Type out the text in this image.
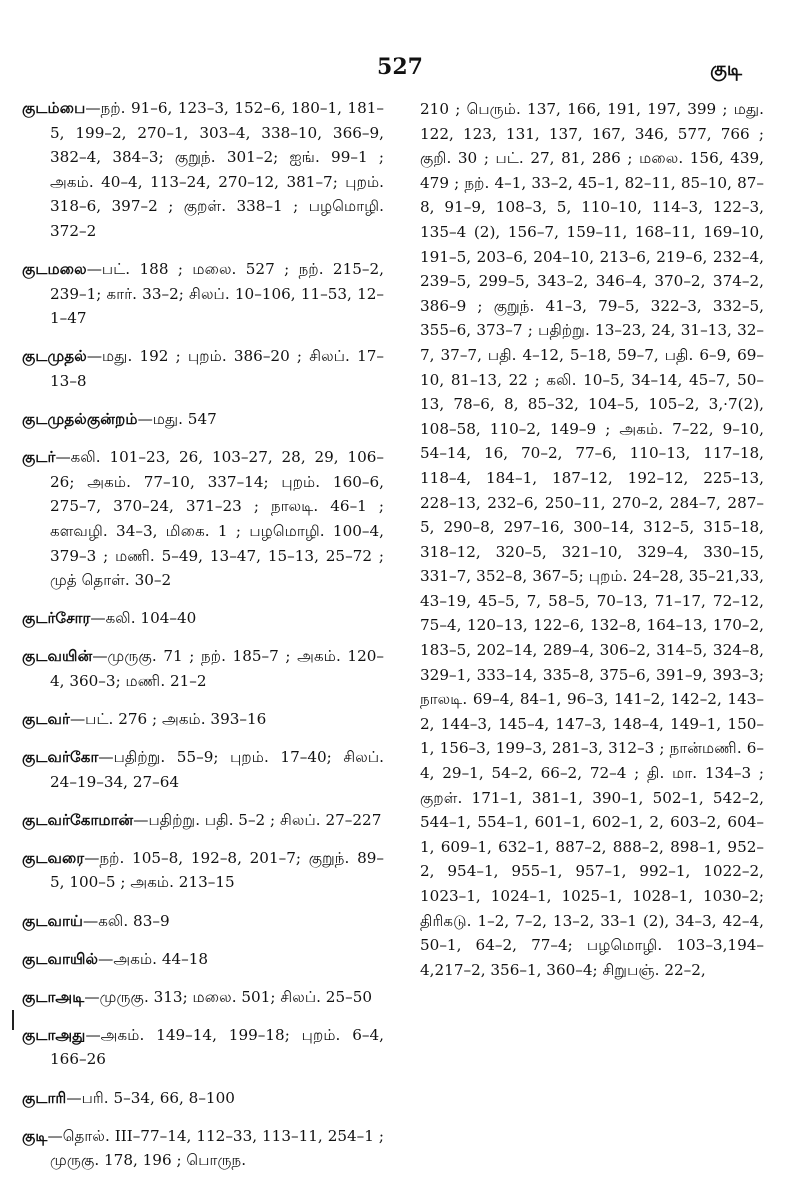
527	குடி

குடம்பை—நற். 91–6, 123–3, 152–6, 180–1, 181–5, 199–2, 270–1, 303–4, 338–10, 366–9, 382–4, 384–3; குறுந். 301–2; ஐங். 99–1 ; அகம். 40–4, 113–24, 270–12, 381–7; புறம். 318–6, 397–2 ; குறள். 338–1 ; பழமொழி. 372–2

குடமலை—பட். 188 ; மலை. 527 ; நற். 215–2, 239–1; கார். 33–2; சிலப். 10–106, 11–53, 12–1–47

குடமுதல்—மது. 192 ; புறம். 386–20 ; சிலப். 17–13–8

குடமுதல்குன்றம்—மது. 547

குடர்—கலி. 101–23, 26, 103–27, 28, 29, 106–26; அகம். 77–10, 337–14; புறம். 160–6, 275–7, 370–24, 371–23 ; நாலடி. 46–1 ; களவழி. 34–3, மிகை. 1 ; பழமொழி. 100–4, 379–3 ; மணி. 5–49, 13–47, 15–13, 25–72 ; முத் தொள். 30–2

குடர்சோர—கலி. 104–40

குடவயின்—முருகு. 71 ; நற். 185–7 ; அகம். 120–4, 360–3; மணி. 21–2

குடவர்—பட். 276 ; அகம். 393–16

குடவர்கோ—பதிற்று. 55–9; புறம். 17–40; சிலப். 24–19–34, 27–64

குடவர்கோமான்—பதிற்று. பதி. 5–2 ; சிலப். 27–227

குடவரை—நற். 105–8, 192–8, 201–7; குறுந். 89–5, 100–5 ; அகம். 213–15

குடவாய்—கலி. 83–9

குடவாயில்—அகம். 44–18

குடாஅடி—முருகு. 313; மலை. 501; சிலப். 25–50

குடாஅது—அகம். 149–14, 199–18; புறம். 6–4, 166–26

குடாரி—பரி. 5–34, 66, 8–100

குடி—தொல். III–77–14, 112–33, 113–11, 254–1 ; முருகு. 178, 196 ; பொருந.

210 ; பெரும். 137, 166, 191, 197, 399 ; மது. 122, 123, 131, 137, 167, 346, 577, 766 ; குறி. 30 ; பட். 27, 81, 286 ; மலை. 156, 439, 479 ; நற். 4–1, 33–2, 45–1, 82–11, 85–10, 87–8, 91–9, 108–3, 5, 110–10, 114–3, 122–3, 135–4 (2), 156–7, 159–11, 168–11, 169–10, 191–5, 203–6, 204–10, 213–6, 219–6, 232–4, 239–5, 299–5, 343–2, 346–4, 370–2, 374–2, 386–9 ; குறுந். 41–3, 79–5, 322–3, 332–5, 355–6, 373–7 ; பதிற்று. 13–23, 24, 31–13, 32–7, 37–7, பதி. 4–12, 5–18, 59–7, பதி. 6–9, 69–10, 81–13, 22 ; கலி. 10–5, 34–14, 45–7, 50–13, 78–6, 8, 85–32, 104–5, 105–2, 3,·7(2), 108–58, 110–2, 149–9 ; அகம். 7–22, 9–10, 54–14, 16, 70–2, 77–6, 110–13, 117–18, 118–4, 184–1, 187–12, 192–12, 225–13, 228–13, 232–6, 250–11, 270–2, 284–7, 287–5, 290–8, 297–16, 300–14, 312–5, 315–18, 318–12, 320–5, 321–10, 329–4, 330–15, 331–7, 352–8, 367–5; புறம். 24–28, 35–21,33, 43–19, 45–5, 7, 58–5, 70–13, 71–17, 72–12, 75–4, 120–13, 122–6, 132–8, 164–13, 170–2, 183–5, 202–14, 289–4, 306–2, 314–5, 324–8, 329–1, 333–14, 335–8, 375–6, 391–9, 393–3; நாலடி. 69–4, 84–1, 96–3, 141–2, 142–2, 143–2, 144–3, 145–4, 147–3, 148–4, 149–1, 150–1, 156–3, 199–3, 281–3, 312–3 ; நான்மணி. 6–4, 29–1, 54–2, 66–2, 72–4 ; தி. மா. 134–3 ; குறள். 171–1, 381–1, 390–1, 502–1, 542–2, 544–1, 554–1, 601–1, 602–1, 2, 603–2, 604–1, 609–1, 632–1, 887–2, 888–2, 898–1, 952–2, 954–1, 955–1, 957–1, 992–1, 1022–2, 1023–1, 1024–1, 1025–1, 1028–1, 1030–2; திரிகடு. 1–2, 7–2, 13–2, 33–1 (2), 34–3, 42–4, 50–1, 64–2, 77–4; பழமொழி. 103–3,194–4,217–2, 356–1, 360–4; சிறுபஞ். 22–2,
